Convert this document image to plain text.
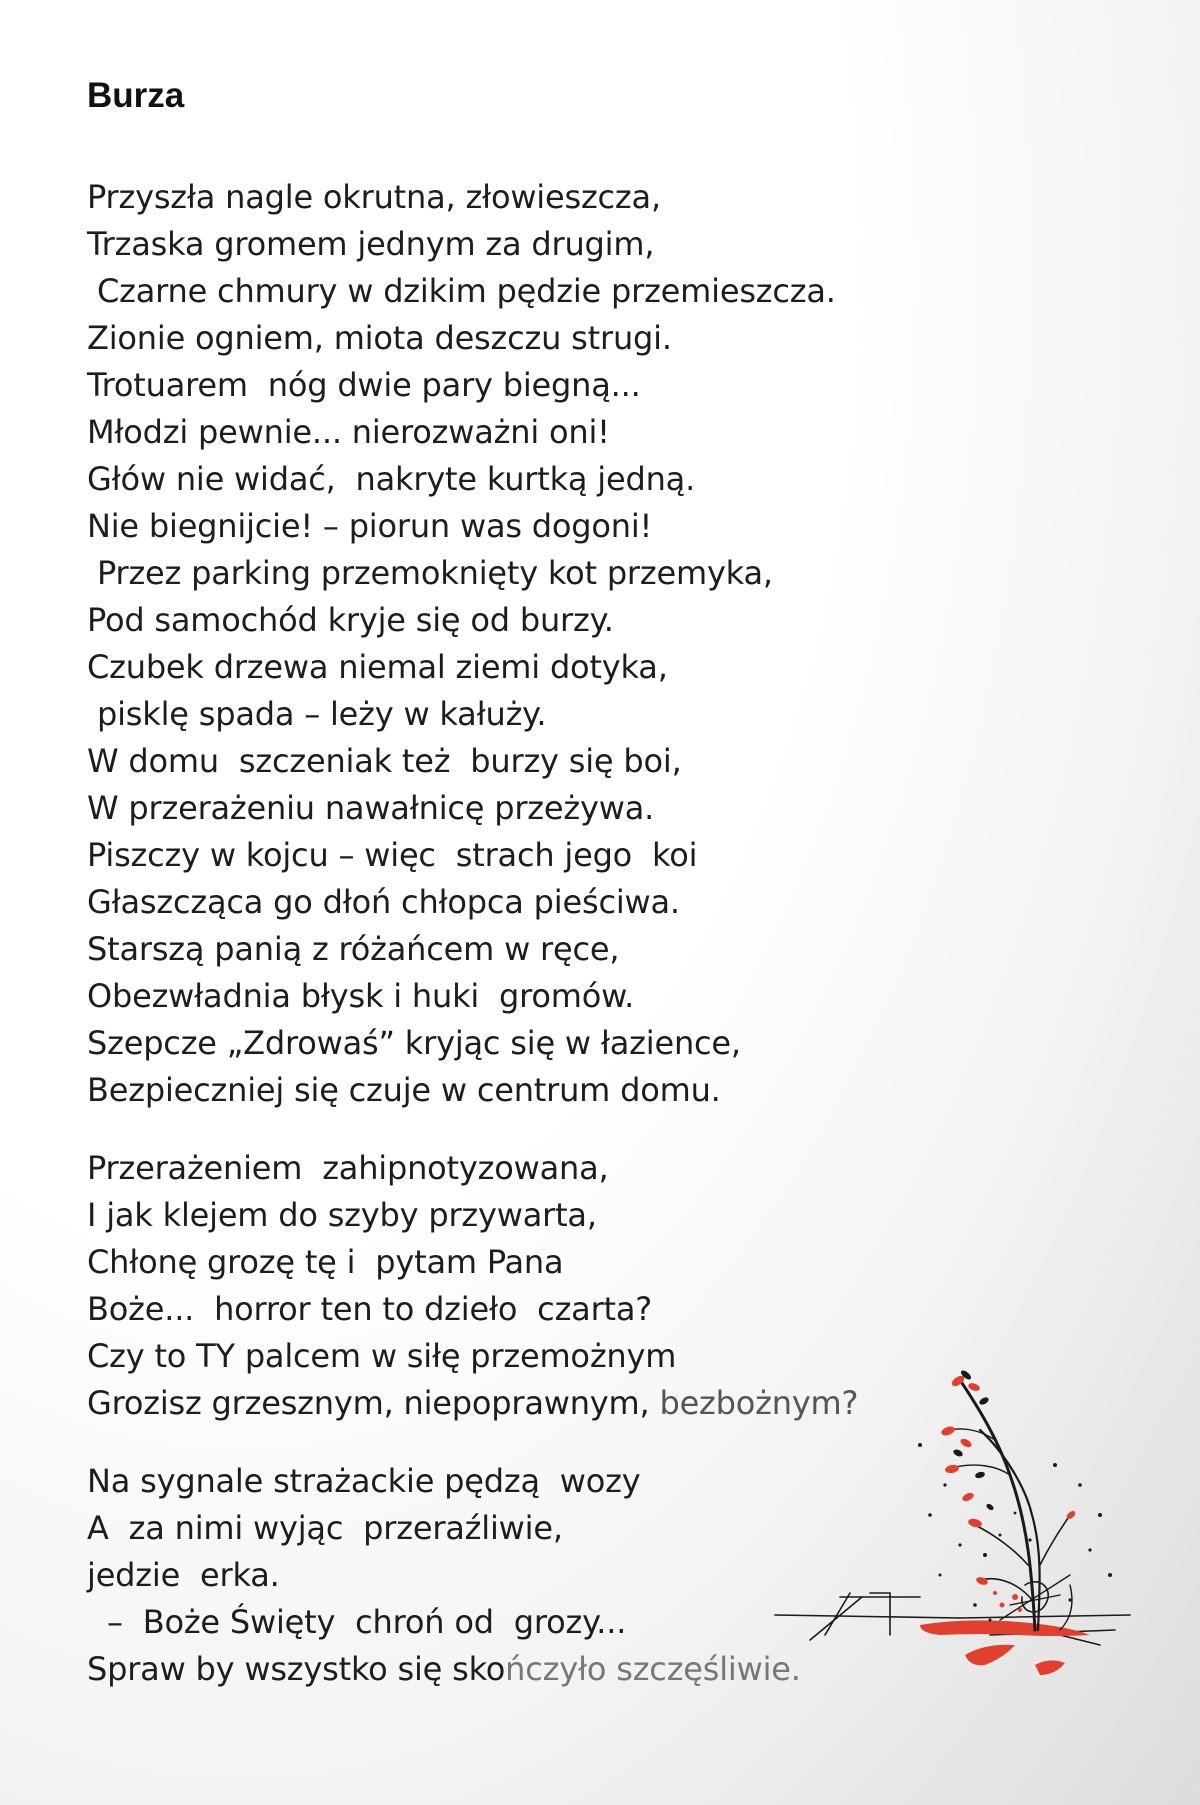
Burza
Przyszła nagle okrutna, złowieszcza,
Trzaska gromem jednym za drugim,
Czarne chmury w dzikim pędzie przemieszcza.
Zionie ogniem, miota deszczu strugi.
Trotuarem  nóg dwie pary biegną...
Młodzi pewnie... nierozważni oni!
Głów nie widać,  nakryte kurtką jedną.
Nie biegnijcie! – piorun was dogoni!
Przez parking przemoknięty kot przemyka,
Pod samochód kryje się od burzy.
Czubek drzewa niemal ziemi dotyka,
pisklę spada – leży w kałuży.
W domu  szczeniak też  burzy się boi,
W przerażeniu nawałnicę przeżywa.
Piszczy w kojcu – więc  strach jego  koi
Głaszcząca go dłoń chłopca pieściwa.
Starszą panią z różańcem w ręce,
Obezwładnia błysk i huki  gromów.
Szepcze „Zdrowaś” kryjąc się w łazience,
Bezpieczniej się czuje w centrum domu.
Przerażeniem  zahipnotyzowana,
I jak klejem do szyby przywarta,
Chłonę grozę tę i  pytam Pana
Boże...  horror ten to dzieło  czarta?
Czy to TY palcem w siłę przemożnym
Grozisz grzesznym, niepoprawnym, bezbożnym?
Na sygnale strażackie pędzą  wozy
A  za nimi wyjąc  przeraźliwie,
jedzie  erka.
–  Boże Święty  chroń od  grozy...
Spraw by wszystko się skończyło szczęśliwie.
